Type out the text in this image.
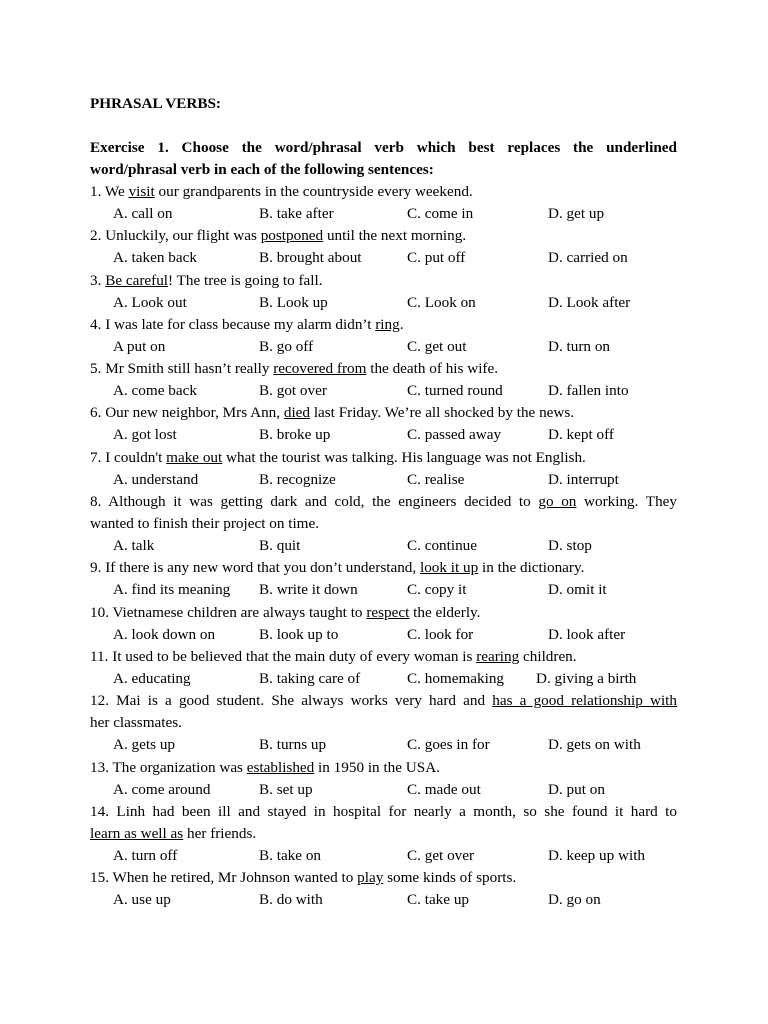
PHRASAL VERBS:
Exercise 1. Choose the word/phrasal verb which best replaces the underlined word/phrasal verb in each of the following sentences:
1. We visit our grandparents in the countryside every weekend.
A. call on	B. take after	C. come in	D. get up
2. Unluckily, our flight was postponed until the next morning.
A. taken back	B. brought about	C. put off	D. carried on
3. Be careful! The tree is going to fall.
A. Look out	B. Look up	C. Look on	D. Look after
4. I was late for class because my alarm didn’t ring.
A put on	B. go off	C. get out	D. turn on
5. Mr Smith still hasn’t really recovered from the death of his wife.
A. come back	B. got over	C. turned round	D. fallen into
6. Our new neighbor, Mrs Ann, died last Friday. We’re all shocked by the news.
A. got lost	B. broke up	C. passed away	D. kept off
7. I couldn't make out what the tourist was talking. His language was not English.
A. understand	B. recognize	C. realise	D. interrupt
8. Although it was getting dark and cold, the engineers decided to go on working. They
wanted to finish their project on time.
A. talk	B. quit	C. continue	D. stop
9. If there is any new word that you don’t understand, look it up in the dictionary.
A. find its meaning B. write it down	C. copy it	D. omit it
10. Vietnamese children are always taught to respect the elderly.
A. look down on	B. look up to	C. look for	D. look after
11. It used to be believed that the main duty of every woman is rearing children.
A. educating	B. taking care of	C. homemaking D. giving a birth
12. Mai is a good student. She always works very hard and has a good relationship with
her classmates.
A. gets up	B. turns up	C. goes in for	D. gets on with
13. The organization was established in 1950 in the USA.
A. come around	B. set up	C. made out	D. put on
14. Linh had been ill and stayed in hospital for nearly a month, so she found it hard to
learn as well as her friends.
A. turn off	B. take on	C. get over	D. keep up with
15. When he retired, Mr Johnson wanted to play some kinds of sports.
A. use up	B. do with	C. take up	D. go on
